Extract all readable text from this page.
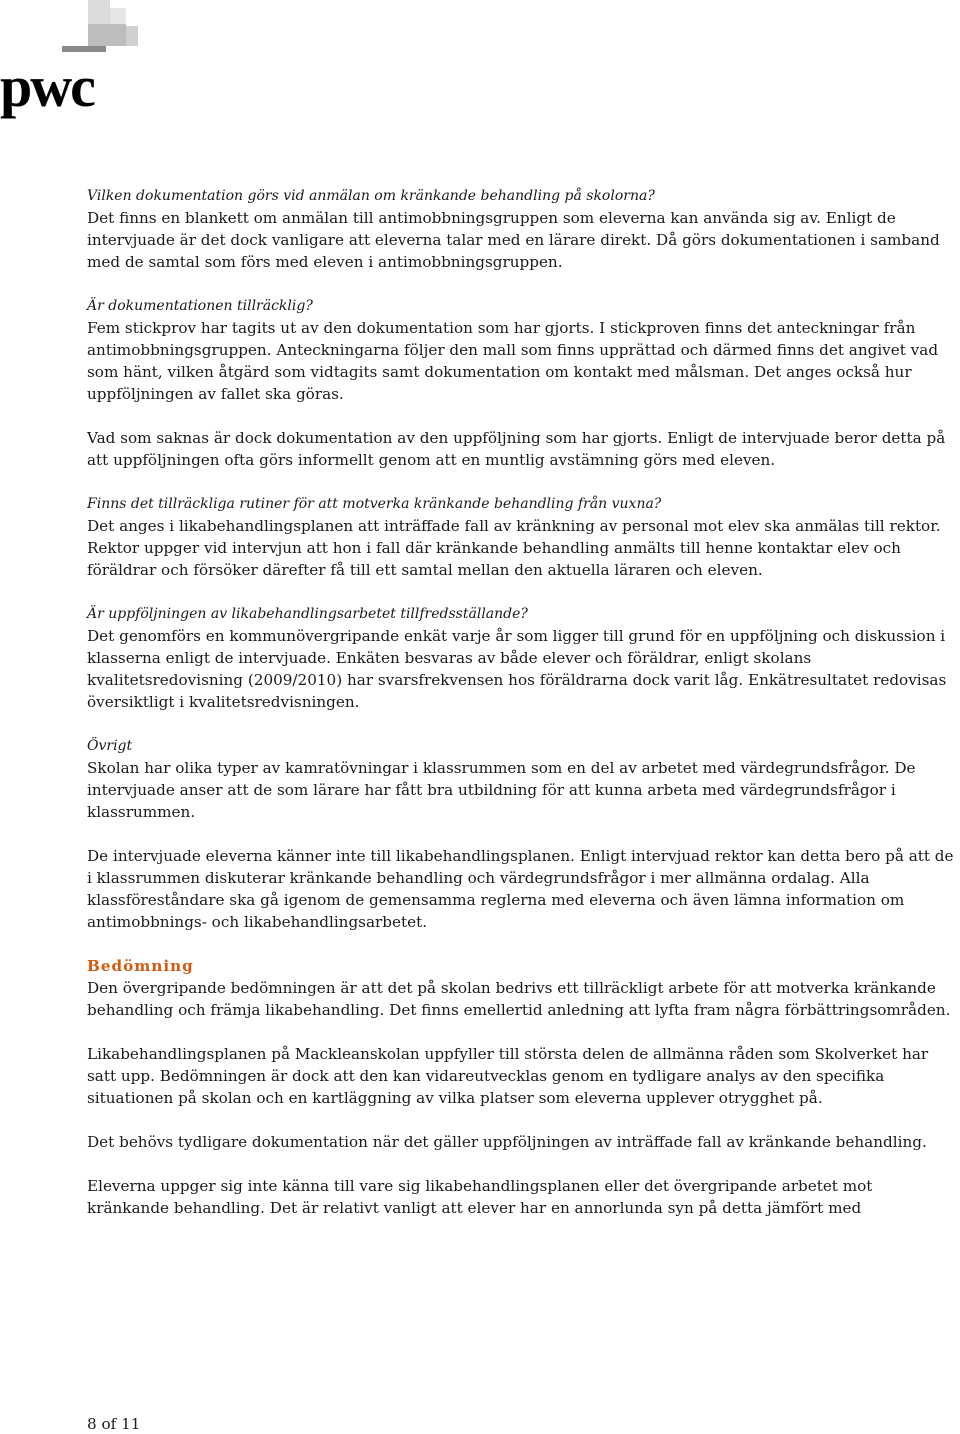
pwc
Vilken dokumentation görs vid anmälan om kränkande behandling på skolorna?
Det finns en blankett om anmälan till antimobbningsgruppen som eleverna kan använda sig av. Enligt de intervjuade är det dock vanligare att eleverna talar med en lärare direkt. Då görs dokumentationen i samband med de samtal som förs med eleven i antimobbningsgruppen.
Är dokumentationen tillräcklig?
Fem stickprov har tagits ut av den dokumentation som har gjorts. I stickproven finns det anteckningar från antimobbningsgruppen. Anteckningarna följer den mall som finns upprättad och därmed finns det angivet vad som hänt, vilken åtgärd som vidtagits samt dokumentation om kontakt med målsman. Det anges också hur uppföljningen av fallet ska göras.
Vad som saknas är dock dokumentation av den uppföljning som har gjorts. Enligt de intervjuade beror detta på att uppföljningen ofta görs informellt genom att en muntlig avstämning görs med eleven.
Finns det tillräckliga rutiner för att motverka kränkande behandling från vuxna?
Det anges i likabehandlingsplanen att inträffade fall av kränkning av personal mot elev ska anmälas till rektor. Rektor uppger vid intervjun att hon i fall där kränkande behandling anmälts till henne kontaktar elev och föräldrar och försöker därefter få till ett samtal mellan den aktuella läraren och eleven.
Är uppföljningen av likabehandlingsarbetet tillfredsställande?
Det genomförs en kommunövergripande enkät varje år som ligger till grund för en uppföljning och diskussion i klasserna enligt de intervjuade. Enkäten besvaras av både elever och föräldrar, enligt skolans kvalitetsredovisning (2009/2010) har svarsfrekvensen hos föräldrarna dock varit låg. Enkätresultatet redovisas översiktligt i kvalitetsredvisningen.
Övrigt
Skolan har olika typer av kamratövningar i klassrummen som en del av arbetet med värdegrundsfrågor. De intervjuade anser att de som lärare har fått bra utbildning för att kunna arbeta med värdegrundsfrågor i klassrummen.
De intervjuade eleverna känner inte till likabehandlingsplanen. Enligt intervjuad rektor kan detta bero på att de i klassrummen diskuterar kränkande behandling och värdegrundsfrågor i mer allmänna ordalag. Alla klassföreståndare ska gå igenom de gemensamma reglerna med eleverna och även lämna information om antimobbnings- och likabehandlingsarbetet.
Bedömning
Den övergripande bedömningen är att det på skolan bedrivs ett tillräckligt arbete för att motverka kränkande behandling och främja likabehandling. Det finns emellertid anledning att lyfta fram några förbättringsområden.
Likabehandlingsplanen på Mackleanskolan uppfyller till största delen de allmänna råden som Skolverket har satt upp. Bedömningen är dock att den kan vidareutvecklas genom en tydligare analys av den specifika situationen på skolan och en kartläggning av vilka platser som eleverna upplever otrygghet på.
Det behövs tydligare dokumentation när det gäller uppföljningen av inträffade fall av kränkande behandling.
Eleverna uppger sig inte känna till vare sig likabehandlingsplanen eller det övergripande arbetet mot kränkande behandling. Det är relativt vanligt att elever har en annorlunda syn på detta jämfört med
8 of 11
